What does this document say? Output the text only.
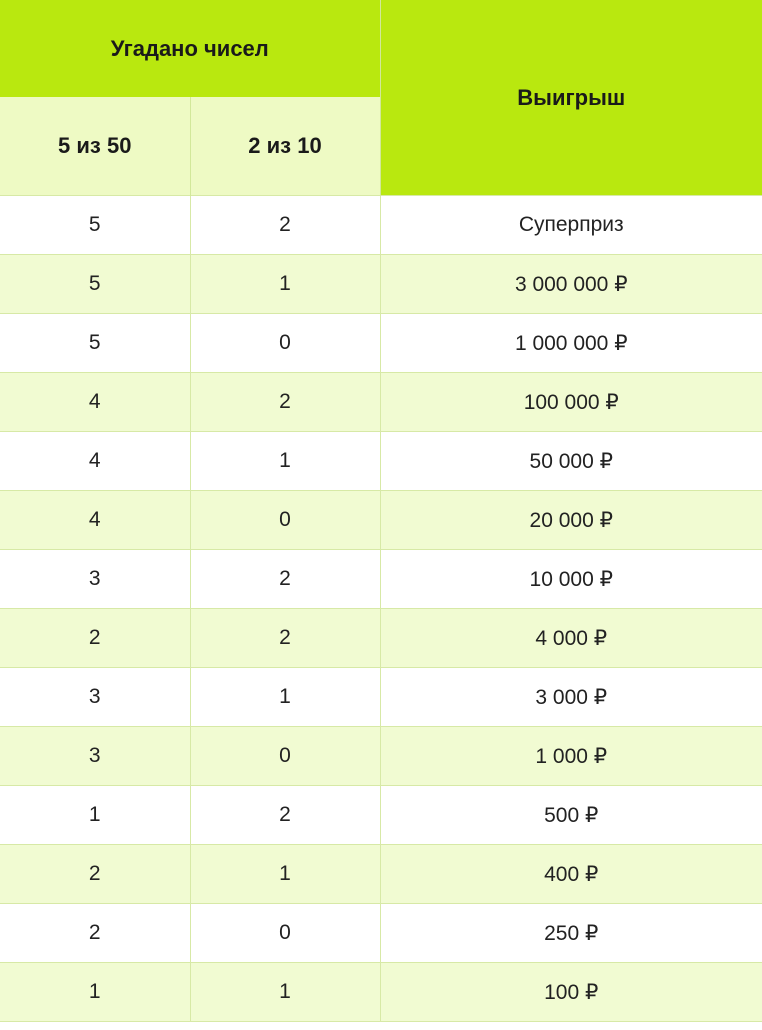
Угадано чисел		Выигрыш
5 из 50	2 из 10	
5	2	Суперприз
5	1	3 000 000 ₽
5	0	1 000 000 ₽
4	2	100 000 ₽
4	1	50 000 ₽
4	0	20 000 ₽
3	2	10 000 ₽
2	2	4 000 ₽
3	1	3 000 ₽
3	0	1 000 ₽
1	2	500 ₽
2	1	400 ₽
2	0	250 ₽
1	1	100 ₽
